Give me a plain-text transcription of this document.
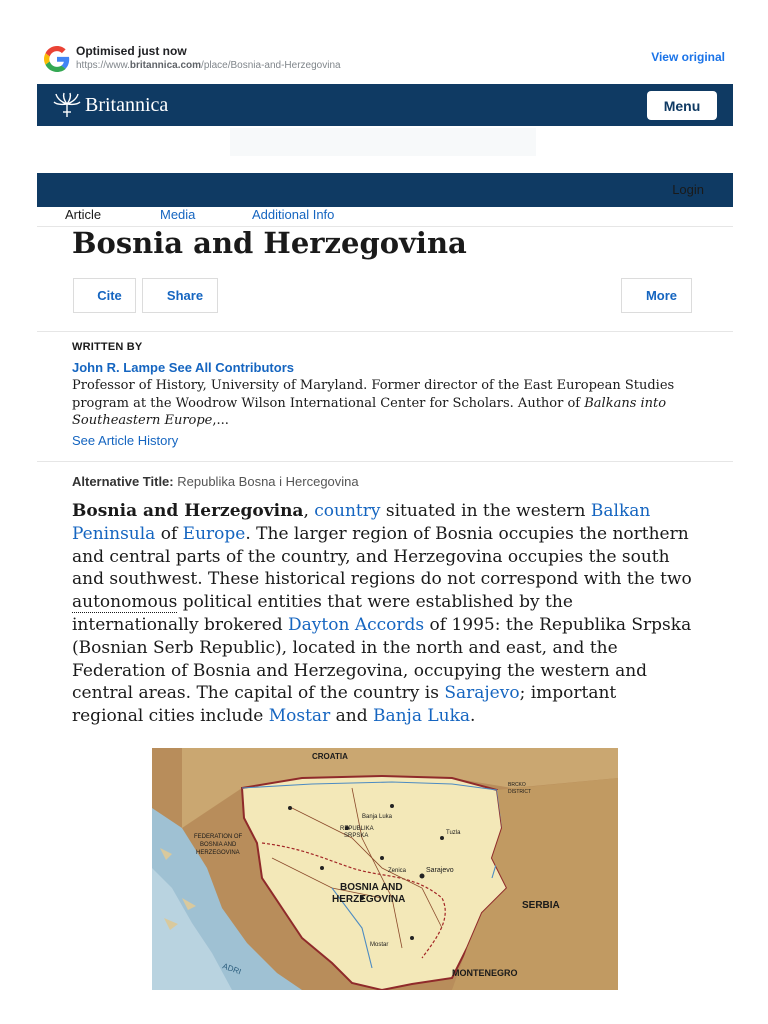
Optimised just now
https://www.britannica.com/place/Bosnia-and-Herzegovina
View original
Britannica	Menu
Login
Article	Media	Additional Info
Bosnia and Herzegovina
Cite	Share	More
WRITTEN BY
John R. Lampe See All Contributors
Professor of History, University of Maryland. Former director of the East European Studies program at the Woodrow Wilson International Center for Scholars. Author of Balkans into Southeastern Europe,...
See Article History
Alternative Title: Republika Bosna i Hercegovina
Bosnia and Herzegovina, country situated in the western Balkan Peninsula of Europe. The larger region of Bosnia occupies the northern and central parts of the country, and Herzegovina occupies the south and southwest. These historical regions do not correspond with the two autonomous political entities that were established by the internationally brokered Dayton Accords of 1995: the Republika Srpska (Bosnian Serb Republic), located in the north and east, and the Federation of Bosnia and Herzegovina, occupying the western and central areas. The capital of the country is Sarajevo; important regional cities include Mostar and Banja Luka.
CROATIA
BOSNIA AND
HERZEGOVINA
SERBIA
MONTENEGRO
FEDERATION OF
BOSNIA AND
HERZEGOVINA
REPUBLIKA
SRPSKA
Sarajevo
Banja Luka
Zenica
Tuzla
Mostar
BRCKO
DISTRICT
ADRI
